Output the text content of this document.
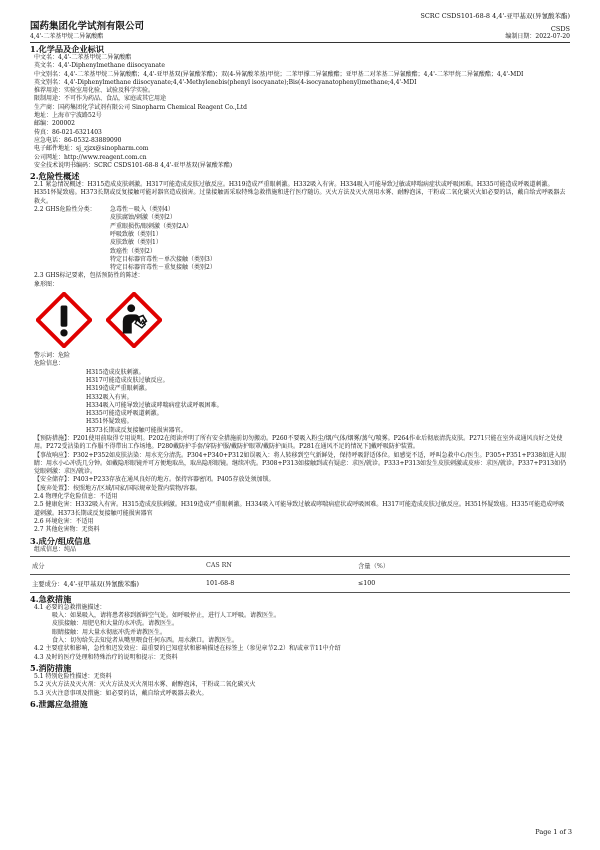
SCRC CSDS101-68-8 4,4'-亚甲基双(异氰酸苯酯)
国药集团化学试剂有限公司	CSDS
4,4'-二苯基甲烷二异氰酸酯	编制日期：2022-07-20
1.化学品及企业标识
中文名：4,4'-二苯基甲烷二异氰酸酯
英文名：4,4'-Diphenylmethane diisocyanate
中文别名：4,4'-二苯基甲烷二异氰酸酯；4,4'-亚甲基双(异氰酸苯酯)；双(4-异氰酸苯基)甲烷；二苯甲撑二异氰酸酯；亚甲基二对苯基二异氰酸酯；4,4'-二苯甲烷二异氰酸酯；4,4'-MDI
英文别名：4,4'-Diphenylmethane diisocyanate;4,4'-Methylenebis(phenyl isocyanate);Bis(4-isocyanatophenyl)methane;4,4'-MDI
推荐用途：实验室用化验、试验及科学实验。
限制用途：不可作为药品、食品，家庭或其它用途
生产商：国药集团化学试剂有限公司 Sinopharm Chemical Reagent Co.,Ltd
地址：上海市宁波路52号
邮编：200002
传真：86-021-6321403
应急电话：86-0532-83889090
电子邮件地址：sj_zjzx@sinopharm.com
公司网址：http://www.reagent.com.cn
安全技术说明书编码：SCRC CSDS101-68-8 4,4'-亚甲基双(异氰酸苯酯)
2.危险性概述
2.1 紧急情况概述：H315造成皮肤刺激。H317可能造成皮肤过敏反应。H319造成严重眼刺激。H332吸入有害。H334吸入可能导致过敏或哮喘病症状或呼吸困难。H335可能造成呼吸道刺激。H351怀疑致癌。H373长期或反复接触可能对器官造成损害。过量接触需采取特殊急救措施和进行医疗随访。灭火方法及灭火剂用水雾、耐醇泡沫，干粉或二氧化碳灭火如必要的话，戴自给式呼吸器去救火。
2.2 GHS危险性分类：	急毒性－吸入（类别4）
皮肤腐蚀/刺激（类别2）
严重眼损伤/眼刺激（类别2A）
呼吸致敏（类别1）
皮肤致敏（类别1）
致癌性（类别2）
特定目标器官毒性－单次接触（类别3）
特定目标器官毒性－重复接触（类别2）
2.3 GHS标记要素，包括预防性的陈述：
象形图：
警示词：危险
危险信息：
H315造成皮肤刺激。
H317可能造成皮肤过敏反应。
H319造成严重眼刺激。
H332吸入有害。
H334吸入可能导致过敏或哮喘病症状或呼吸困难。
H335可能造成呼吸道刺激。
H351怀疑致癌。
H373长期或反复接触可能损害器官。
【预防措施】：P201使用前取得专用说明。P202在阅读并明了所有安全措施前切勿搬动。P260不要吸入粉尘/烟/气体/烟雾/蒸气/喷雾。P264作业后彻底清洗皮肤。P271只能在室外或通风良好之处使用。P272受沾染的工作服不得带出工作场地。P280戴防护手套/穿防护服/戴防护眼罩/戴防护面具。P281在通风不足的情况下]戴呼吸防护装置。
【事故响应】：P302+P352如皮肤沾染：用水充分清洗。P304+P340+P312如误吸入：将人转移到空气新鲜处，保持呼吸舒适体位。如感觉不适，呼叫急救中心/医生。P305+P351+P338如进入眼睛：用水小心冲洗几分钟。如戴隐形眼镜并可方便地取出，取出隐形眼镜。继续冲洗。P308+P313如接触到或有疑虑：求医/就诊。P333+P313如发生皮肤刺激或皮疹：求医/就诊。P337+P313如仍觉眼刺激：求医/就诊。
【安全储存】：P403+P233存放在通风良好的地方。保持容器密闭。P405存放处须加锁。
【废弃处置】：按照地方/区域/国家/国际规章处置内装物/容器。
2.4 物理化学危险信息：不适用
2.5 健康危害：H332吸入有害。H315造成皮肤刺激。H319造成严重眼刺激。H334吸入可能导致过敏或哮喘病症状或呼吸困难。H317可能造成皮肤过敏反应。H351怀疑致癌。H335可能造成呼吸道刺激。H373长期或反复接触可能损害器官
2.6 环境危害：不适用
2.7 其他危害物：无资料
3.成分/组成信息
组成信息：纯品
成分	CAS RN	含量（%）
主要成分：4,4'-亚甲基双(异氰酸苯酯)	101-68-8	≤100
4.急救措施
4.1 必要的急救措施描述：
吸入：如果吸入，请将患者移到新鲜空气处。如呼吸停止，进行人工呼吸。请教医生。
皮肤接触：用肥皂和大量的水冲洗。请教医生。
眼睛接触：用大量水彻底冲洗并请教医生。
食入：切勿给失去知觉者从嘴里喂食任何东西。用水漱口。请教医生。
4.2 主要症状和影响，急性和迟发效应：最重要的已知症状和影响描述在标签上（参见章节2.2）和/或章节11中介绍
4.3 及时的医疗处理和特殊治疗的说明和提示：无资料
5.消防措施
5.1 特别危险性描述：无资料
5.2 灭火方法及灭火剂：灭火方法及灭火剂用水雾、耐醇泡沫，干粉或二氧化碳灭火
5.3 灭火注意事项及措施：如必要的话，戴自给式呼吸器去救火。
6.泄露应急措施
Page 1 of 3
